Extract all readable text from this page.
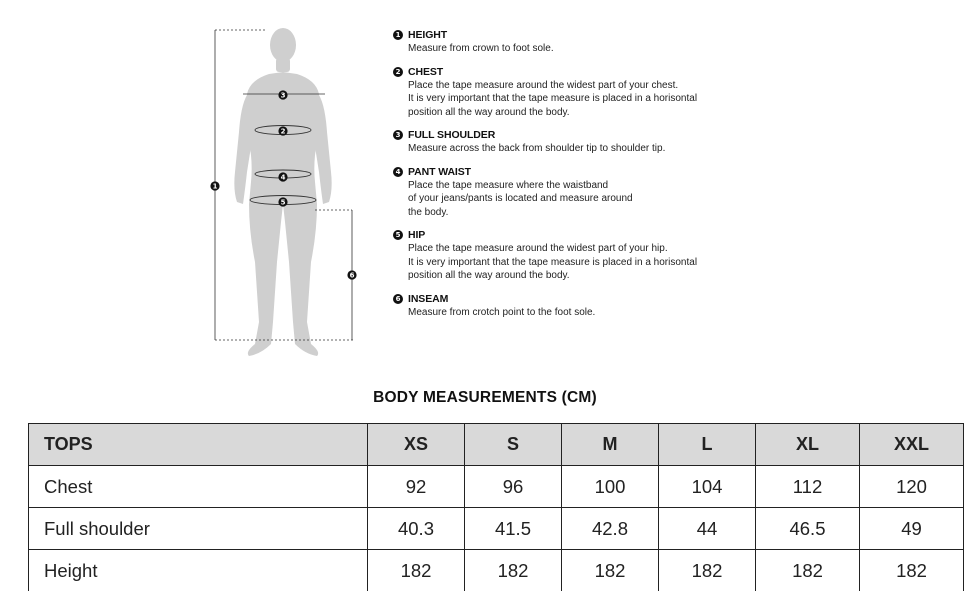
1
2
3
4
5
6
1 HEIGHT
Measure from crown to foot sole.
2 CHEST
Place the tape measure around the widest part of your chest.
It is very important that the tape measure is placed in a horisontal
position all the way around the body.
3 FULL SHOULDER
Measure across the back from shoulder tip to shoulder tip.
4 PANT WAIST
Place the tape measure where the waistband
of your jeans/pants is located and measure around
the body.
5 HIP
Place the tape measure around the widest part of your hip.
It is very important that the tape measure is placed in a horisontal
position all the way around the body.
6 INSEAM
Measure from crotch point to the foot sole.
BODY MEASUREMENTS (CM)
TOPS	XS	S	M	L	XL	XXL
Chest	92	96	100	104	112	120
Full shoulder	40.3	41.5	42.8	44	46.5	49
Height	182	182	182	182	182	182
